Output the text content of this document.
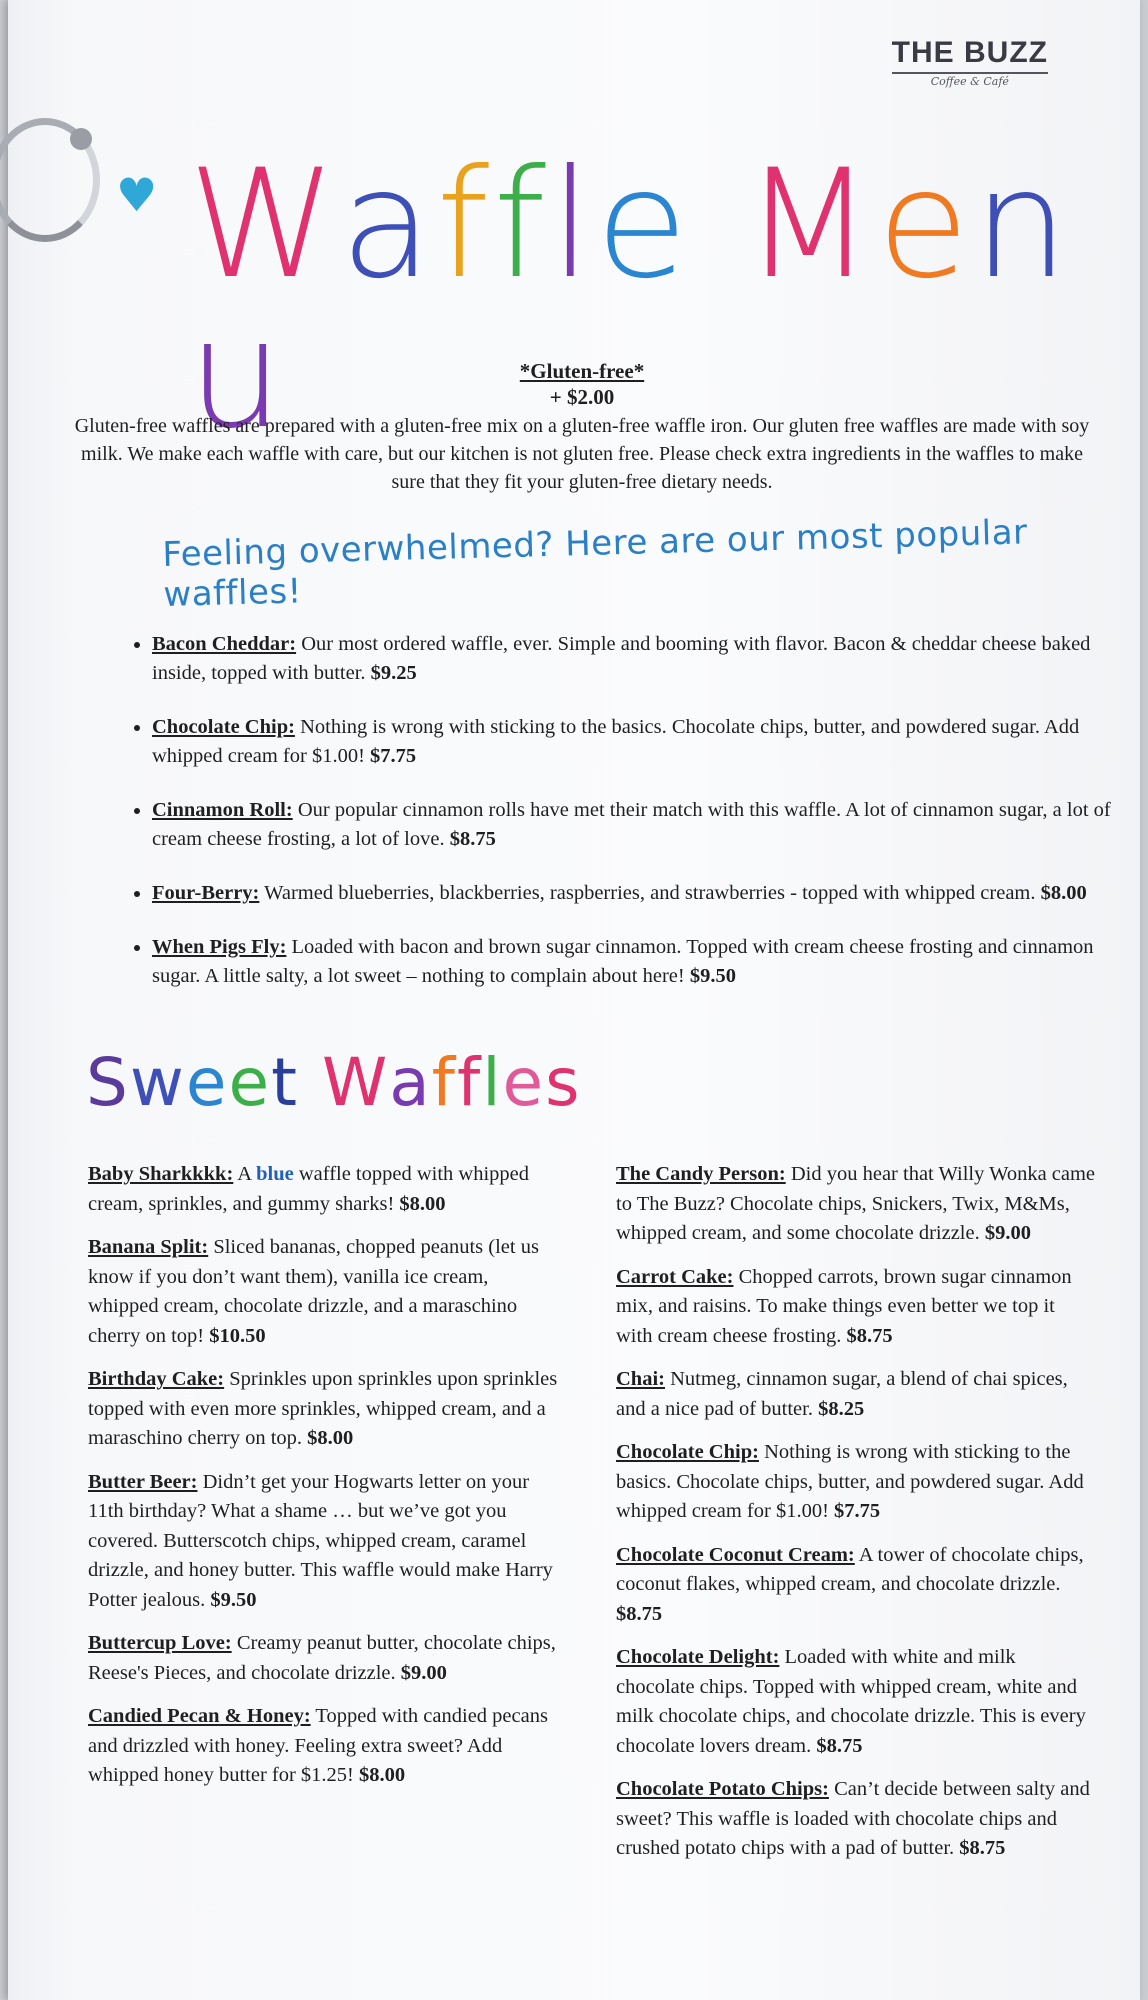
THE BUZZ
Coffee & Café
♥ Waffle Menu	*Gluten-free*
+ $2.00
Gluten-free waffles are prepared with a gluten-free mix on a gluten-free waffle iron. Our gluten free waffles are made with soy milk. We make each waffle with care, but our kitchen is not gluten free. Please check extra ingredients in the waffles to make sure that they fit your gluten-free dietary needs.
Feeling overwhelmed? Here are our most popular waffles!
• Bacon Cheddar: Our most ordered waffle, ever. Simple and booming with flavor. Bacon & cheddar cheese baked inside, topped with butter. $9.25
• Chocolate Chip: Nothing is wrong with sticking to the basics. Chocolate chips, butter, and powdered sugar. Add whipped cream for $1.00! $7.75
• Cinnamon Roll: Our popular cinnamon rolls have met their match with this waffle. A lot of cinnamon sugar, a lot of cream cheese frosting, a lot of love. $8.75
• Four-Berry: Warmed blueberries, blackberries, raspberries, and strawberries - topped with whipped cream. $8.00
• When Pigs Fly: Loaded with bacon and brown sugar cinnamon. Topped with cream cheese frosting and cinnamon sugar. A little salty, a lot sweet – nothing to complain about here! $9.50
Sweet Waffles
Baby Sharkkkk: A blue waffle topped with whipped cream, sprinkles, and gummy sharks! $8.00
Banana Split: Sliced bananas, chopped peanuts (let us know if you don’t want them), vanilla ice cream, whipped cream, chocolate drizzle, and a maraschino cherry on top! $10.50
Birthday Cake: Sprinkles upon sprinkles upon sprinkles topped with even more sprinkles, whipped cream, and a maraschino cherry on top. $8.00
Butter Beer: Didn’t get your Hogwarts letter on your 11th birthday? What a shame … but we’ve got you covered. Butterscotch chips, whipped cream, caramel drizzle, and honey butter. This waffle would make Harry Potter jealous. $9.50
Buttercup Love: Creamy peanut butter, chocolate chips, Reese's Pieces, and chocolate drizzle. $9.00
Candied Pecan & Honey: Topped with candied pecans and drizzled with honey. Feeling extra sweet? Add whipped honey butter for $1.25! $8.00
The Candy Person: Did you hear that Willy Wonka came to The Buzz? Chocolate chips, Snickers, Twix, M&Ms, whipped cream, and some chocolate drizzle. $9.00
Carrot Cake: Chopped carrots, brown sugar cinnamon mix, and raisins. To make things even better we top it with cream cheese frosting. $8.75
Chai: Nutmeg, cinnamon sugar, a blend of chai spices, and a nice pad of butter. $8.25
Chocolate Chip: Nothing is wrong with sticking to the basics. Chocolate chips, butter, and powdered sugar. Add whipped cream for $1.00! $7.75
Chocolate Coconut Cream: A tower of chocolate chips, coconut flakes, whipped cream, and chocolate drizzle. $8.75
Chocolate Delight: Loaded with white and milk chocolate chips. Topped with whipped cream, white and milk chocolate chips, and chocolate drizzle. This is every chocolate lovers dream. $8.75
Chocolate Potato Chips: Can’t decide between salty and sweet? This waffle is loaded with chocolate chips and crushed potato chips with a pad of butter. $8.75
